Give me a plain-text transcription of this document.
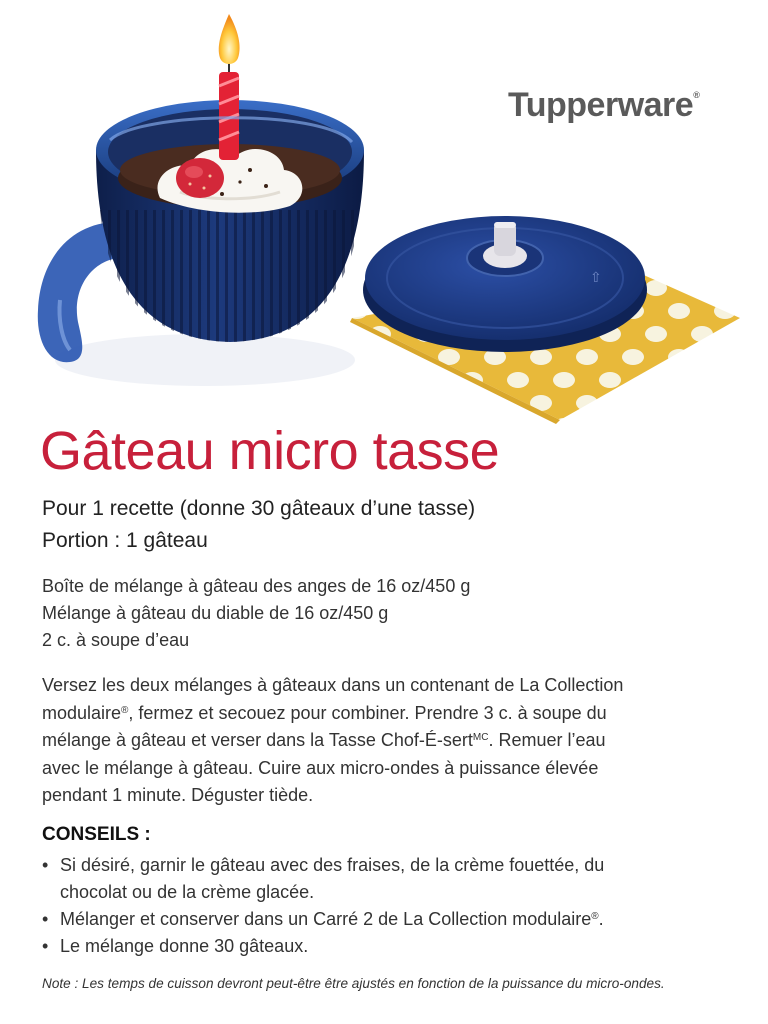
⇧
Tupperware®
Gâteau micro tasse
Pour 1 recette (donne 30 gâteaux d’une tasse)
Portion : 1 gâteau
Boîte de mélange à gâteau des anges de 16 oz/450 g
Mélange à gâteau du diable de 16 oz/450 g
2 c. à soupe d’eau
Versez les deux mélanges à gâteaux dans un contenant de La Collection
modulaire®, fermez et secouez pour combiner. Prendre 3 c. à soupe du
mélange à gâteau et verser dans la Tasse Chof-É-sert$^{MC}$. Remuer l’eau
avec le mélange à gâteau. Cuire aux micro-ondes à puissance élevée
pendant 1 minute. Déguster tiède.
CONSEILS :
• Si désiré, garnir le gâteau avec des fraises, de la crème fouettée, du
chocolat ou de la crème glacée.
• Mélanger et conserver dans un Carré 2 de La Collection modulaire®.
• Le mélange donne 30 gâteaux.
Note : Les temps de cuisson devront peut-être être ajustés en fonction de la puissance du micro-ondes.
